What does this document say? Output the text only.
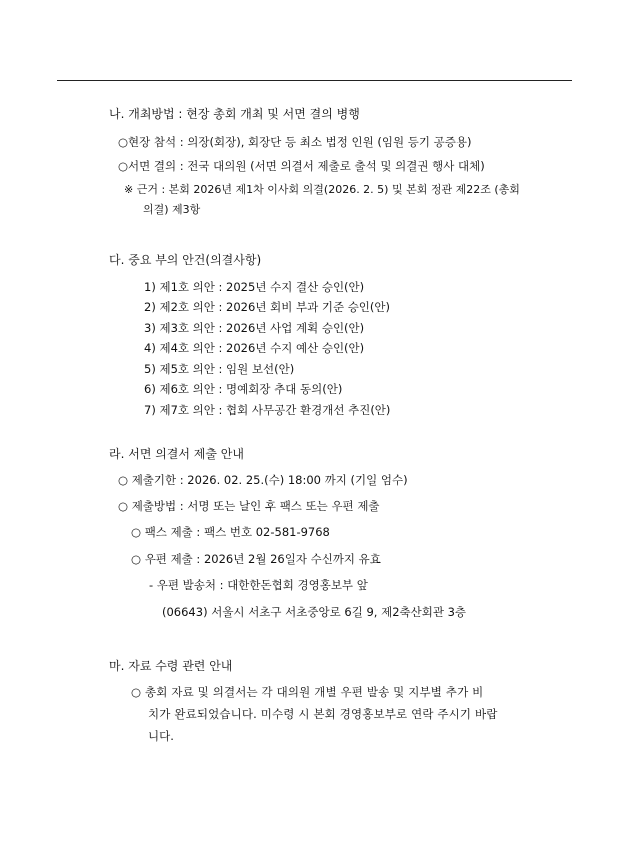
나. 개최방법 : 현장 총회 개최 및 서면 결의 병행
○현장 참석 : 의장(회장), 회장단 등 최소 법정 인원 (임원 등기 공증용)
○서면 결의 : 전국 대의원 (서면 의결서 제출로 출석 및 의결권 행사 대체)
※ 근거 : 본회 2026년 제1차 이사회 의결(2026. 2. 5) 및 본회 정관 제22조 (총회
의결) 제3항
다. 중요 부의 안건(의결사항)
1) 제1호 의안 : 2025년 수지 결산 승인(안)
2) 제2호 의안 : 2026년 회비 부과 기준 승인(안)
3) 제3호 의안 : 2026년 사업 계획 승인(안)
4) 제4호 의안 : 2026년 수지 예산 승인(안)
5) 제5호 의안 : 임원 보선(안)
6) 제6호 의안 : 명예회장 추대 동의(안)
7) 제7호 의안 : 협회 사무공간 환경개선 추진(안)
라. 서면 의결서 제출 안내
○ 제출기한 : 2026. 02. 25.(수) 18:00 까지 (기일 엄수)
○ 제출방법 : 서명 또는 날인 후 팩스 또는 우편 제출
○ 팩스 제출 : 팩스 번호 02-581-9768
○ 우편 제출 : 2026년 2월 26일자 수신까지 유효
- 우편 발송처 : 대한한돈협회 경영홍보부 앞
(06643) 서울시 서초구 서초중앙로 6길 9, 제2축산회관 3층
마. 자료 수령 관련 안내
○ 총회 자료 및 의결서는 각 대의원 개별 우편 발송 및 지부별 추가 비
치가 완료되었습니다. 미수령 시 본회 경영홍보부로 연락 주시기 바랍
니다.
